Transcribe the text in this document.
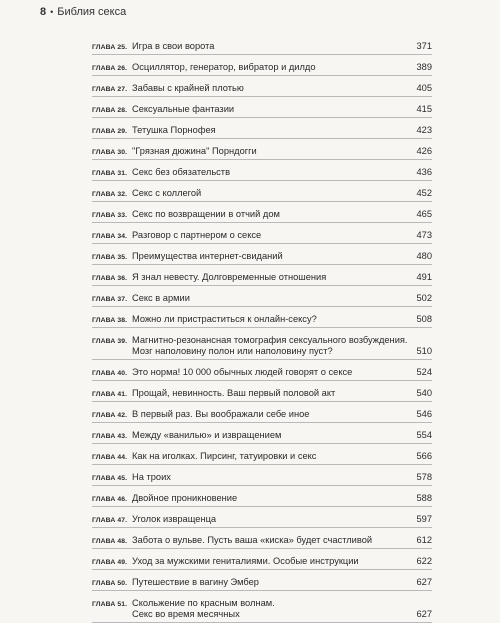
8 • Библия секса
ГЛАВА 25. Игра в свои ворота	371
ГЛАВА 26. Осциллятор, генератор, вибратор и дилдо	389
ГЛАВА 27. Забавы с крайней плотью	405
ГЛАВА 28. Сексуальные фантазии	415
ГЛАВА 29. Тетушка Порнофея	423
ГЛАВА 30. "Грязная дюжина" Порндогги	426
ГЛАВА 31. Секс без обязательств	436
ГЛАВА 32. Секс с коллегой	452
ГЛАВА 33. Секс по возвращении в отчий дом	465
ГЛАВА 34. Разговор с партнером о сексе	473
ГЛАВА 35. Преимущества интернет-свиданий	480
ГЛАВА 36. Я знал невесту. Долговременные отношения	491
ГЛАВА 37. Секс в армии	502
ГЛАВА 38. Можно ли пристраститься к онлайн-сексу?	508
ГЛАВА 39. Магнитно-резонансная томография сексуального возбуждения.
Мозг наполовину полон или наполовину пуст?	510
ГЛАВА 40. Это норма! 10 000 обычных людей говорят о сексе	524
ГЛАВА 41. Прощай, невинность. Ваш первый половой акт	540
ГЛАВА 42. В первый раз. Вы воображали себе иное	546
ГЛАВА 43. Между «ванилью» и извращением	554
ГЛАВА 44. Как на иголках. Пирсинг, татуировки и секс	566
ГЛАВА 45. На троих	578
ГЛАВА 46. Двойное проникновение	588
ГЛАВА 47. Уголок извращенца	597
ГЛАВА 48. Забота о вульве. Пусть ваша «киска» будет счастливой	612
ГЛАВА 49. Уход за мужскими гениталиями. Особые инструкции	622
ГЛАВА 50. Путешествие в вагину Эмбер	627
ГЛАВА 51. Скольжение по красным волнам.
Секс во время месячных	627
